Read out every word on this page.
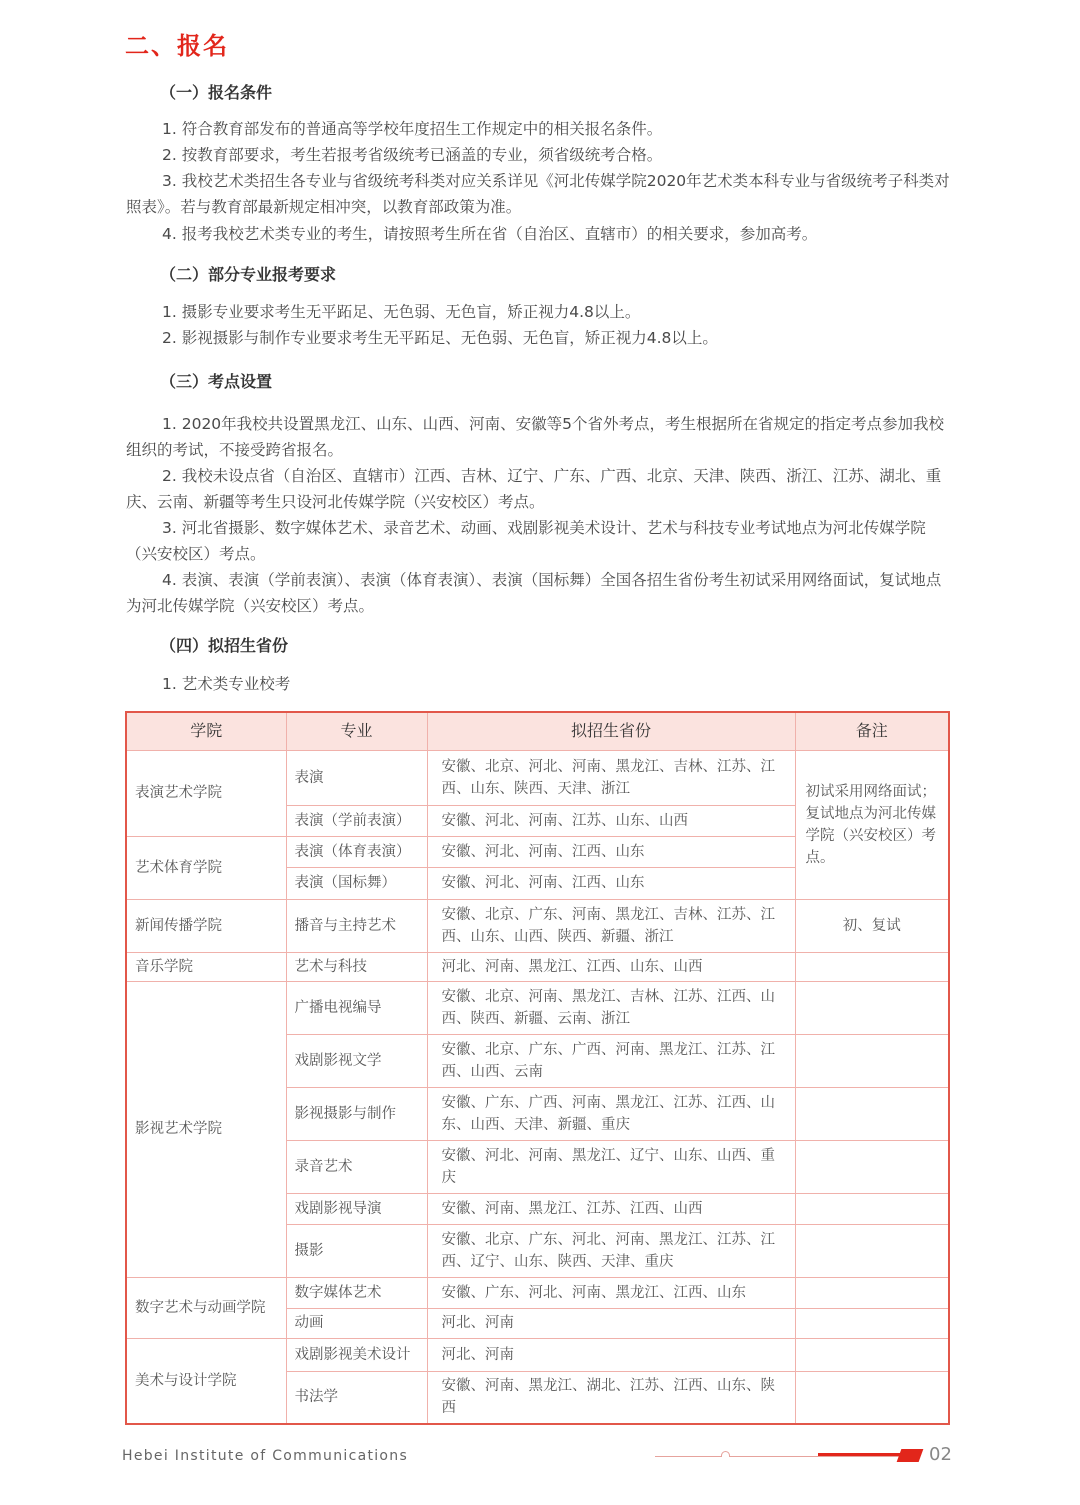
二、报名
（一）报名条件
1. 符合教育部发布的普通高等学校年度招生工作规定中的相关报名条件。
2. 按教育部要求，考生若报考省级统考已涵盖的专业，须省级统考合格。
3. 我校艺术类招生各专业与省级统考科类对应关系详见《河北传媒学院2020年艺术类本科专业与省级统考子科类对照表》。若与教育部最新规定相冲突，以教育部政策为准。
4. 报考我校艺术类专业的考生，请按照考生所在省（自治区、直辖市）的相关要求，参加高考。
（二）部分专业报考要求
1. 摄影专业要求考生无平跖足、无色弱、无色盲，矫正视力4.8以上。
2. 影视摄影与制作专业要求考生无平跖足、无色弱、无色盲，矫正视力4.8以上。
（三）考点设置
1. 2020年我校共设置黑龙江、山东、山西、河南、安徽等5个省外考点，考生根据所在省规定的指定考点参加我校组织的考试，不接受跨省报名。
2. 我校未设点省（自治区、直辖市）江西、吉林、辽宁、广东、广西、北京、天津、陕西、浙江、江苏、湖北、重庆、云南、新疆等考生只设河北传媒学院（兴安校区）考点。
3. 河北省摄影、数字媒体艺术、录音艺术、动画、戏剧影视美术设计、艺术与科技专业考试地点为河北传媒学院（兴安校区）考点。
4. 表演、表演（学前表演）、表演（体育表演）、表演（国标舞）全国各招生省份考生初试采用网络面试，复试地点为河北传媒学院（兴安校区）考点。
（四）拟招生省份
1. 艺术类专业校考
学院	专业	拟招生省份	备注
表演艺术学院	表演	安徽、北京、河北、河南、黑龙江、吉林、江苏、江西、山东、陕西、天津、浙江	初试采用网络面试；复试地点为河北传媒学院（兴安校区）考点。
	表演（学前表演）	安徽、河北、河南、江苏、山东、山西	
艺术体育学院	表演（体育表演）	安徽、河北、河南、江西、山东	
	表演（国标舞）	安徽、河北、河南、江西、山东	
新闻传播学院	播音与主持艺术	安徽、北京、广东、河南、黑龙江、吉林、江苏、江西、山东、山西、陕西、新疆、浙江	初、复试
音乐学院	艺术与科技	河北、河南、黑龙江、江西、山东、山西	
影视艺术学院	广播电视编导	安徽、北京、河南、黑龙江、吉林、江苏、江西、山西、陕西、新疆、云南、浙江	
	戏剧影视文学	安徽、北京、广东、广西、河南、黑龙江、江苏、江西、山西、云南	
	影视摄影与制作	安徽、广东、广西、河南、黑龙江、江苏、江西、山东、山西、天津、新疆、重庆	
	录音艺术	安徽、河北、河南、黑龙江、辽宁、山东、山西、重庆	
	戏剧影视导演	安徽、河南、黑龙江、江苏、江西、山西	
	摄影	安徽、北京、广东、河北、河南、黑龙江、江苏、江西、辽宁、山东、陕西、天津、重庆	
数字艺术与动画学院	数字媒体艺术	安徽、广东、河北、河南、黑龙江、江西、山东	
	动画	河北、河南	
美术与设计学院	戏剧影视美术设计	河北、河南	
	书法学	安徽、河南、黑龙江、湖北、江苏、江西、山东、陕西	
Hebei Institute of Communications	02
